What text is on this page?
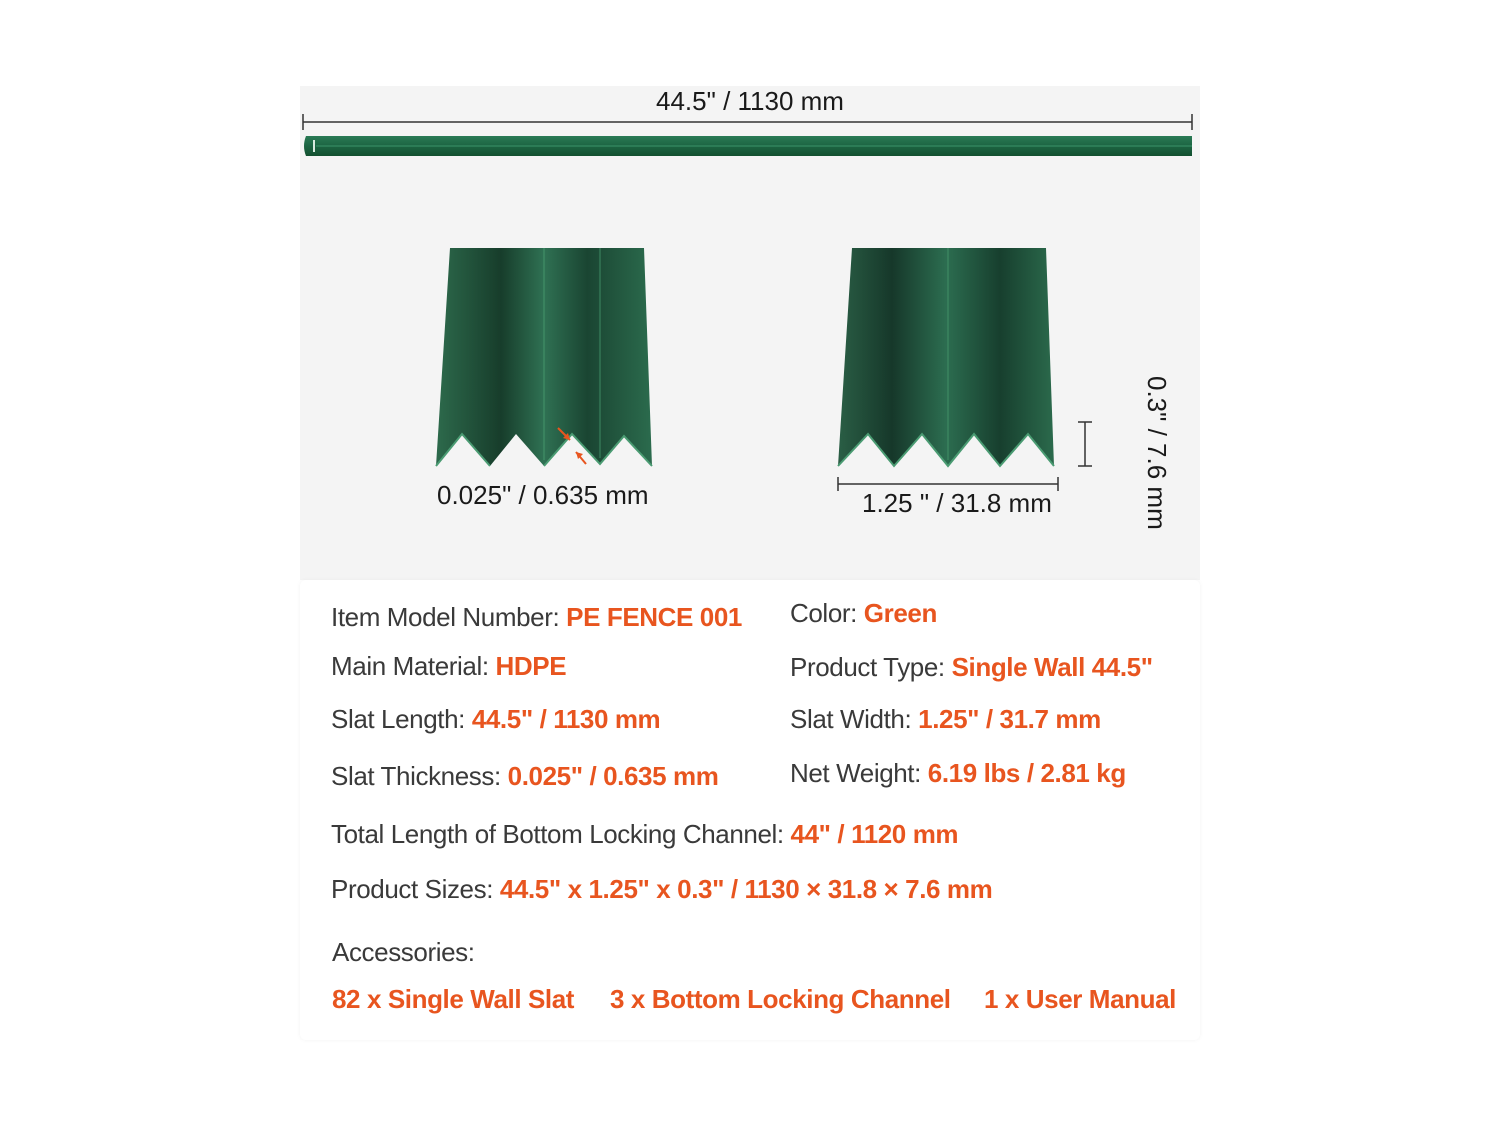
44.5" / 1130 mm
0.025" / 0.635 mm	1.25 " / 31.8 mm	0.3" / 7.6 mm
Item Model Number: PE FENCE 001 Color: Green
Main Material: HDPE	Product Type: Single Wall 44.5"
Slat Length: 44.5" / 1130 mm	Slat Width: 1.25" / 31.7 mm
Slat Thickness: 0.025" / 0.635 mm	Net Weight: 6.19 lbs / 2.81 kg
Total Length of Bottom Locking Channel: 44" / 1120 mm
Product Sizes: 44.5" x 1.25" x 0.3" / 1130 × 31.8 × 7.6 mm
Accessories:
82 x Single Wall Slat 3 x Bottom Locking Channel 1 x User Manual
